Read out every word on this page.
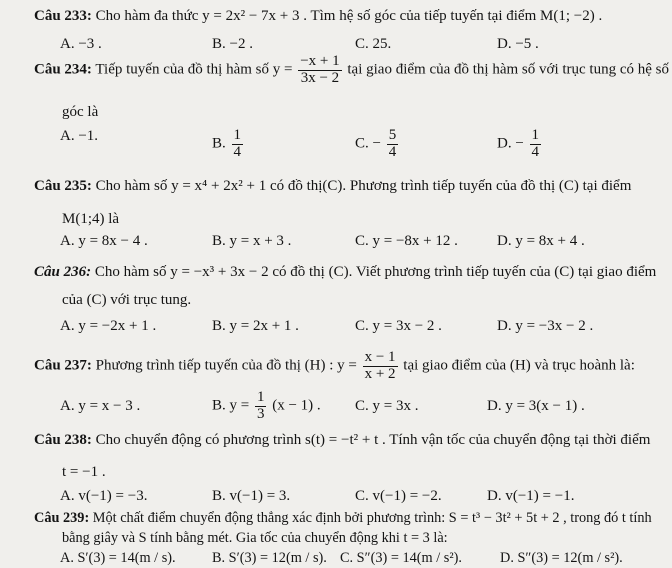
Câu 233: Cho hàm đa thức y = 2x² − 7x + 3 . Tìm hệ số góc của tiếp tuyến tại điểm M(1; −2) .
A. −3 .	B. −2 .	C. 25.	D. −5 .
Câu 234: Tiếp tuyến của đồ thị hàm số $y = \frac{-x + 1}{3x - 2}$ tại giao điểm của đồ thị hàm số với trục tung có hệ số
góc là
A. −1.	B. $\frac{1}{4}$	C. − $\frac{5}{4}$	D. − $\frac{1}{4}$
Câu 235: Cho hàm số y = x⁴ + 2x² + 1 có đồ thị(C). Phương trình tiếp tuyến của đồ thị (C) tại điểm
M(1;4) là
A. y = 8x − 4 .	B. y = x + 3 .	C. y = −8x + 12 .	D. y = 8x + 4 .
Câu 236: Cho hàm số y = −x³ + 3x − 2 có đồ thị (C). Viết phương trình tiếp tuyến của (C) tại giao điểm
của (C) với trục tung.
A. y = −2x + 1 .	B. y = 2x + 1 .	C. y = 3x − 2 .	D. y = −3x − 2 .
Câu 237: Phương trình tiếp tuyến của đồ thị (H) : $y = \frac{x - 1}{x + 2}$ tại giao điểm của (H) và trục hoành là:
A. y = x − 3 .	B. $y = \frac{1}{3} (x - 1)$ . C. y = 3x .	D. y = 3(x − 1) .
Câu 238: Cho chuyển động có phương trình s(t) = −t² + t . Tính vận tốc của chuyển động tại thời điểm
t = −1 .
A. v(−1) = −3.	B. v(−1) = 3.	C. v(−1) = −2.	D. v(−1) = −1.
Câu 239: Một chất điểm chuyển động thẳng xác định bởi phương trình: S = t³ − 3t² + 5t + 2 , trong đó t tính
bằng giây và S tính bằng mét. Gia tốc của chuyển động khi t = 3 là:
A. S′(3) = 14(m / s).	B. S′(3) = 12(m / s). C. S″(3) = 14(m / s²).	D. S″(3) = 12(m / s²).
